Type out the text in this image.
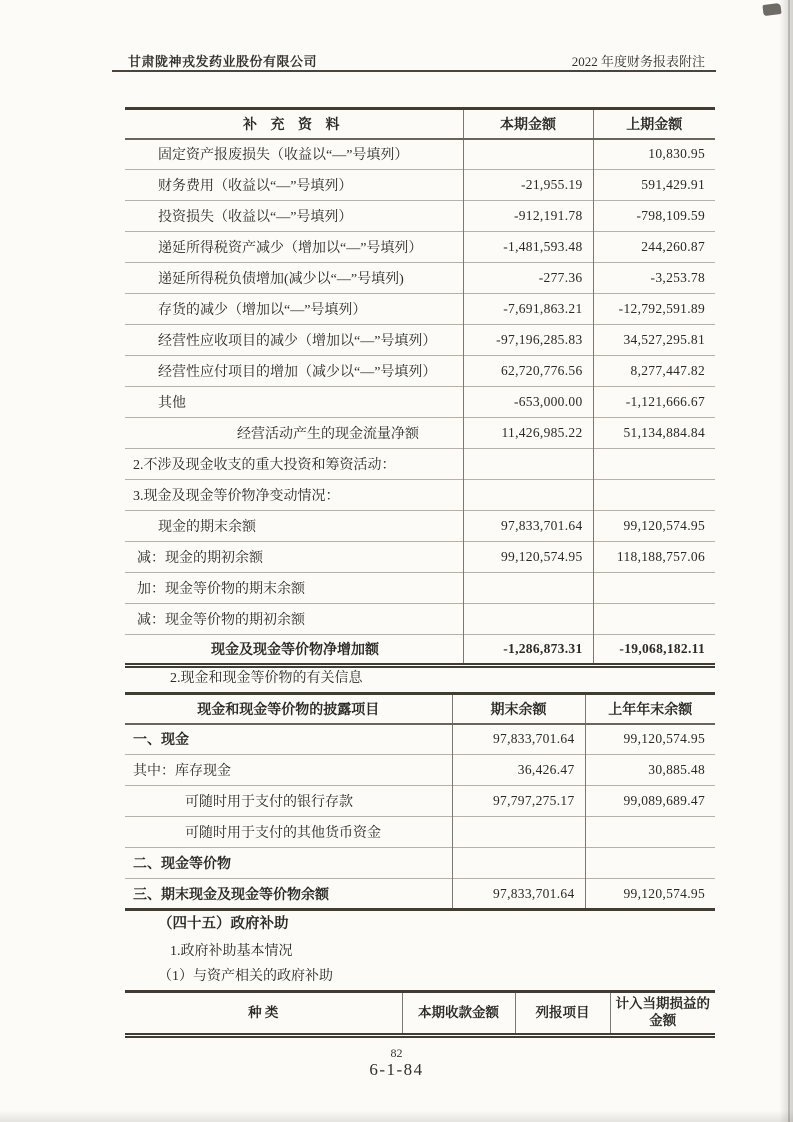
甘肃陇神戎发药业股份有限公司	2022 年度财务报表附注
补 充 资 料	本期金额	上期金额
固定资产报废损失（收益以“—”号填列）		10,830.95
财务费用（收益以“—”号填列）	-21,955.19	591,429.91
投资损失（收益以“—”号填列）	-912,191.78	-798,109.59
递延所得税资产减少（增加以“—”号填列）	-1,481,593.48	244,260.87
递延所得税负债增加(减少以“—”号填列)	-277.36	-3,253.78
存货的减少（增加以“—”号填列）	-7,691,863.21	-12,792,591.89
经营性应收项目的减少（增加以“—”号填列）	-97,196,285.83	34,527,295.81
经营性应付项目的增加（减少以“—”号填列）	62,720,776.56	8,277,447.82
其他	-653,000.00	-1,121,666.67
经营活动产生的现金流量净额	11,426,985.22	51,134,884.84
2.不涉及现金收支的重大投资和筹资活动：		
3.现金及现金等价物净变动情况：		
现金的期末余额	97,833,701.64	99,120,574.95
减：现金的期初余额	99,120,574.95	118,188,757.06
加：现金等价物的期末余额		
减：现金等价物的期初余额		
现金及现金等价物净增加额	-1,286,873.31	-19,068,182.11
2.现金和现金等价物的有关信息
现金和现金等价物的披露项目	期末余额	上年年末余额
一、现金	97,833,701.64	99,120,574.95
其中：库存现金	36,426.47	30,885.48
可随时用于支付的银行存款	97,797,275.17	99,089,689.47
可随时用于支付的其他货币资金		
二、现金等价物		
三、期末现金及现金等价物余额	97,833,701.64	99,120,574.95
（四十五）政府补助
1.政府补助基本情况
（1）与资产相关的政府补助
种 类	本期收款金额	列报项目	计入当期损益的金额
82
6-1-84
